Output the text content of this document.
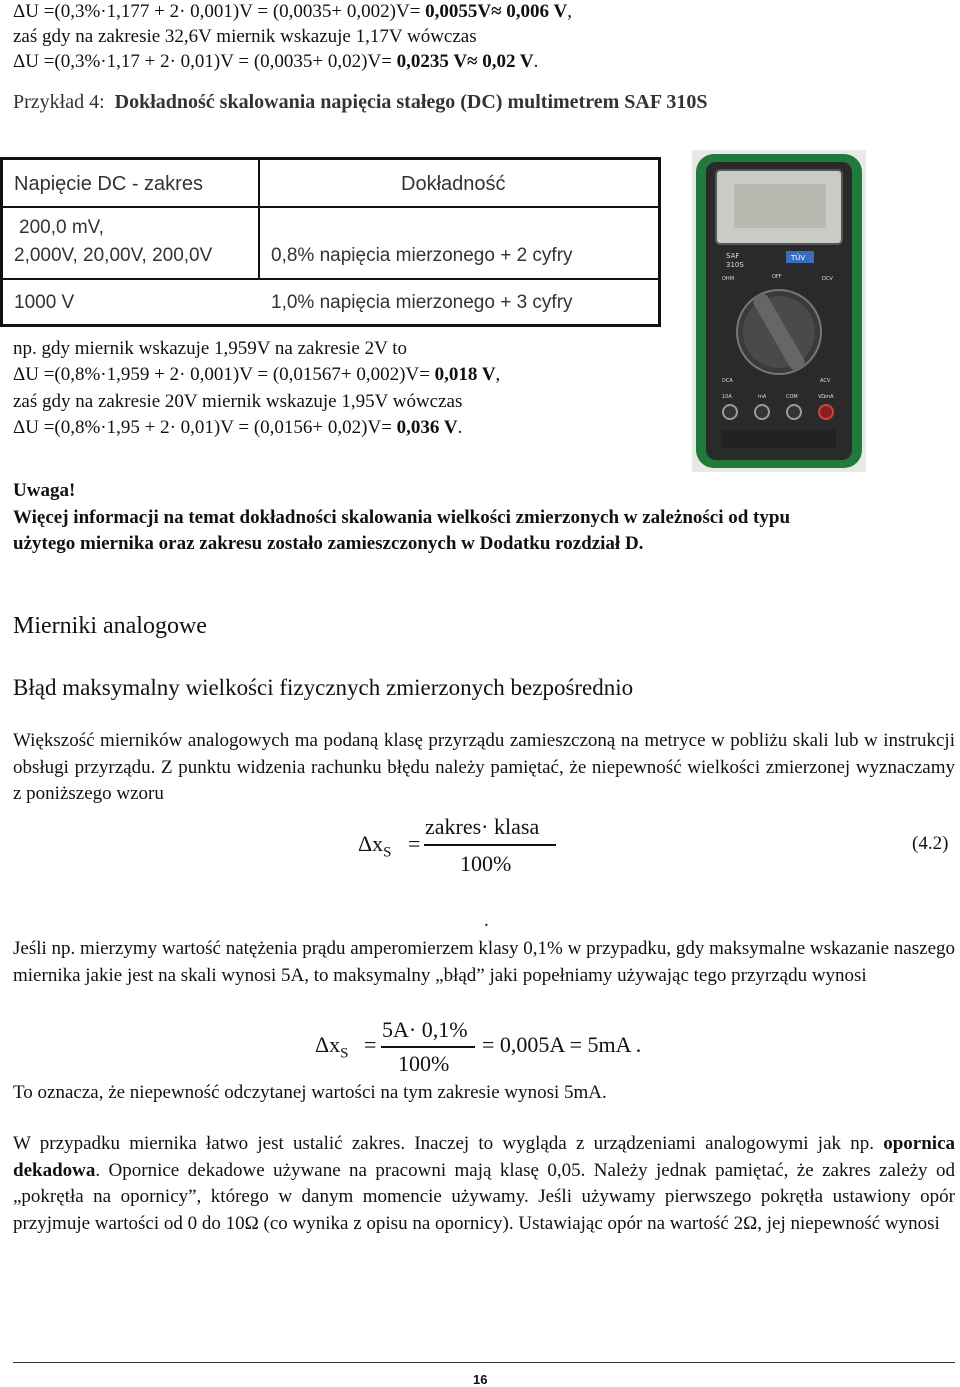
ΔU =(0,3%·1,177 + 2· 0,001)V = (0,0035+ 0,002)V= 0,0055V≈ 0,006 V,
zaś gdy na zakresie 32,6V miernik wskazuje 1,17V wówczas
ΔU =(0,3%·1,17 + 2· 0,01)V = (0,0035+ 0,02)V= 0,0235 V≈ 0,02 V.
Przykład 4: Dokładność skalowania napięcia stałego (DC) multimetrem SAF 310S
Napięcie DC - zakres	Dokładność
200,0 mV,
2,000V, 20,00V, 200,0V	0,8% napięcia mierzonego + 2 cyfry
1000 V	1,0% napięcia mierzonego + 3 cyfry
SAF
310S
TÜV
OHM	OFF	DCV
DCA	ACV
10A	mA	COM	VΩmA
np. gdy miernik wskazuje 1,959V na zakresie 2V to
ΔU =(0,8%·1,959 + 2· 0,001)V = (0,01567+ 0,002)V= 0,018 V,
zaś gdy na zakresie 20V miernik wskazuje 1,95V wówczas
ΔU =(0,8%·1,95 + 2· 0,01)V = (0,0156+ 0,02)V= 0,036 V.
Uwaga!
Więcej informacji na temat dokładności skalowania wielkości zmierzonych w zależności od typu
użytego miernika oraz zakresu zostało zamieszczonych w Dodatku rozdział D.
Mierniki analogowe
Błąd maksymalny wielkości fizycznych zmierzonych bezpośrednio

Większość mierników analogowych ma podaną klasę przyrządu zamieszczoną na metryce w pobliżu skali lub w instrukcji obsługi przyrządu. Z punktu widzenia rachunku błędu należy pamiętać, że niepewność wielkości zmierzonej wyznaczamy z poniższego wzoru

$\Delta x_S$ =
zakres· klasa
100%
(4.2)
.

Jeśli np. mierzymy wartość natężenia prądu amperomierzem klasy 0,1% w przypadku, gdy maksymalne wskazanie naszego miernika jakie jest na skali wynosi 5A, to maksymalny „błąd” jaki popełniamy używając tego przyrządu wynosi

$\Delta x_S$ =
5A· 0,1%
100%
= 0,005A = 5mA .
To oznacza, że niepewność odczytanej wartości na tym zakresie wynosi 5mA.

W przypadku miernika łatwo jest ustalić zakres. Inaczej to wygląda z urządzeniami analogowymi jak np. opornica dekadowa. Opornice dekadowe używane na pracowni mają klasę 0,05. Należy jednak pamiętać, że zakres zależy od „pokrętła na opornicy”, którego w danym momencie używamy. Jeśli używamy pierwszego pokrętła ustawiony opór przyjmuje wartości od 0 do 10Ω (co wynika z opisu na opornicy). Ustawiając opór na wartość 2Ω, jej niepewność wynosi

16
